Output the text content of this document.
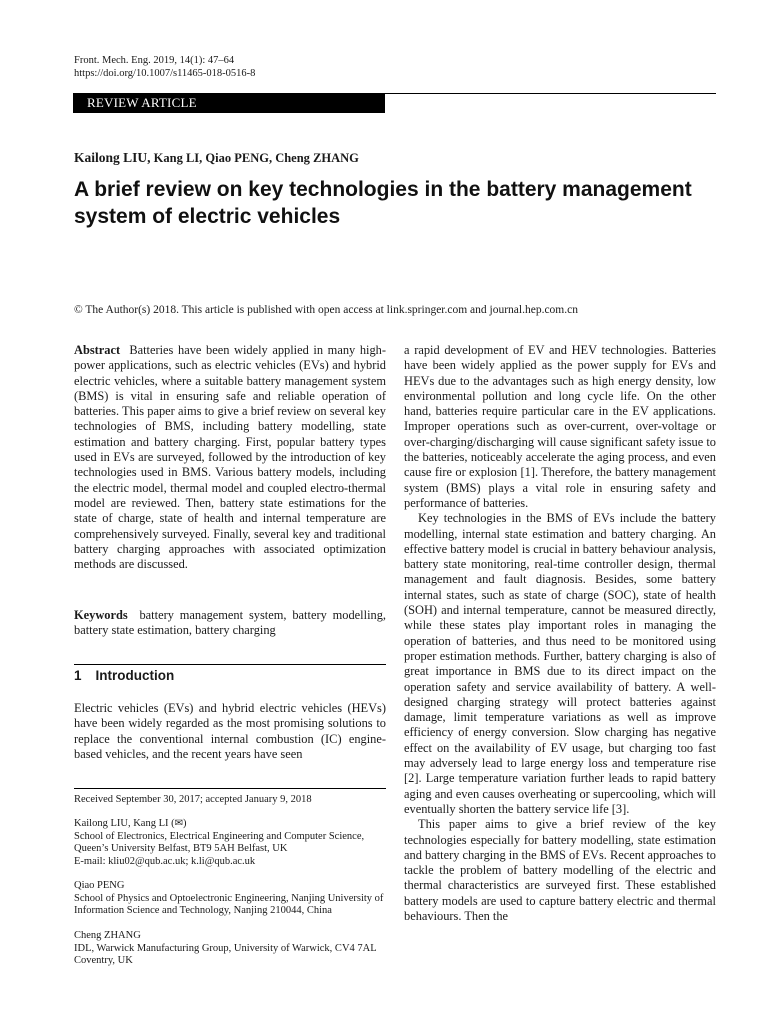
Front. Mech. Eng. 2019, 14(1): 47–64
https://doi.org/10.1007/s11465-018-0516-8
REVIEW ARTICLE
Kailong LIU, Kang LI, Qiao PENG, Cheng ZHANG
A brief review on key technologies in the battery management system of electric vehicles
© The Author(s) 2018. This article is published with open access at link.springer.com and journal.hep.com.cn

Abstract Batteries have been widely applied in many high-power applications, such as electric vehicles (EVs) and hybrid electric vehicles, where a suitable battery management system (BMS) is vital in ensuring safe and reliable operation of batteries. This paper aims to give a brief review on several key technologies of BMS, including battery modelling, state estimation and battery charging. First, popular battery types used in EVs are surveyed, followed by the introduction of key technologies used in BMS. Various battery models, including the electric model, thermal model and coupled electro-thermal model are reviewed. Then, battery state estimations for the state of charge, state of health and internal temperature are comprehensively surveyed. Finally, several key and traditional battery charging approaches with associated optimization methods are discussed.

Keywords battery management system, battery modelling, battery state estimation, battery charging

1 Introduction

Electric vehicles (EVs) and hybrid electric vehicles (HEVs) have been widely regarded as the most promising solutions to replace the conventional internal combustion (IC) engine-based vehicles, and the recent years have seen

Received September 30, 2017; accepted January 9, 2018
Kailong LIU, Kang LI (✉)
School of Electronics, Electrical Engineering and Computer Science, Queen’s University Belfast, BT9 5AH Belfast, UK
E-mail: kliu02@qub.ac.uk; k.li@qub.ac.uk
Qiao PENG
School of Physics and Optoelectronic Engineering, Nanjing University of Information Science and Technology, Nanjing 210044, China
Cheng ZHANG
IDL, Warwick Manufacturing Group, University of Warwick, CV4 7AL Coventry, UK

a rapid development of EV and HEV technologies. Batteries have been widely applied as the power supply for EVs and HEVs due to the advantages such as high energy density, low environmental pollution and long cycle life. On the other hand, batteries require particular care in the EV applications. Improper operations such as over-current, over-voltage or over-charging/discharging will cause significant safety issue to the batteries, noticeably accelerate the aging process, and even cause fire or explosion [1]. Therefore, the battery management system (BMS) plays a vital role in ensuring safety and performance of batteries.

Key technologies in the BMS of EVs include the battery modelling, internal state estimation and battery charging. An effective battery model is crucial in battery behaviour analysis, battery state monitoring, real-time controller design, thermal management and fault diagnosis. Besides, some battery internal states, such as state of charge (SOC), state of health (SOH) and internal temperature, cannot be measured directly, while these states play important roles in managing the operation of batteries, and thus need to be monitored using proper estimation methods. Further, battery charging is also of great importance in BMS due to its direct impact on the operation safety and service availability of battery. A well-designed charging strategy will protect batteries against damage, limit temperature variations as well as improve efficiency of energy conversion. Slow charging has negative effect on the availability of EV usage, but charging too fast may adversely lead to large energy loss and temperature rise [2]. Large temperature variation further leads to rapid battery aging and even causes overheating or supercooling, which will eventually shorten the battery service life [3].

This paper aims to give a brief review of the key technologies especially for battery modelling, state estimation and battery charging in the BMS of EVs. Recent approaches to tackle the problem of battery modelling of the electric and thermal characteristics are surveyed first. These established battery models are used to capture battery electric and thermal behaviours. Then the
